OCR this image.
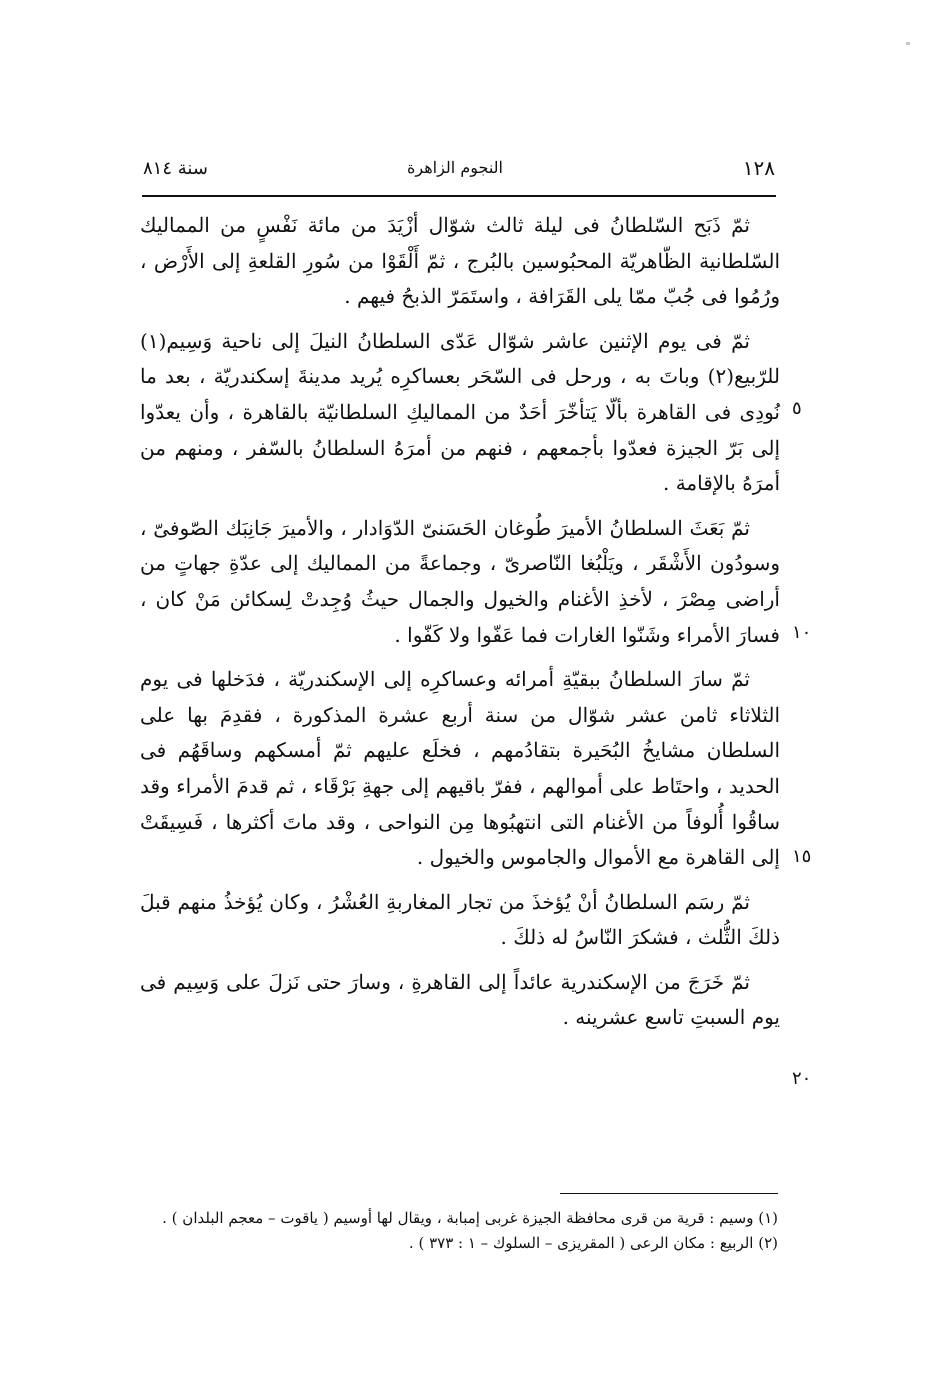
١٢٨
النجوم الزاهرة
سنة ٨١٤

ثمّ ذَبَح السّلطانُ فى ليلة ثالث شوّال أزْيَدَ من مائة نَفْسٍ من المماليك السّلطانية الظّاهريّة المحبُوسين بالبُرج ، ثمّ أَلْقَوْا من سُورِ القلعةِ إلى الأَرْض ، ورُمُوا فى جُبّ ممّا يلى القَرَافة ، واستَمَرّ الذبحُ فيهم .

ثمّ فى يوم الإثنين عاشر شوّال عَدّى السلطانُ النيلَ إلى ناحية وَسِيم(١) للرّبيع(٢) وباتَ به ، ورحل فى السّحَر بعساكرِه يُريد مدينةَ إسكندريّة ، بعد ما نُودِى فى القاهرة بألّا يَتأخّرَ أحَدٌ من المماليكِ السلطانيّة بالقاهرة ، وأن يعدّوا إلى بَرّ الجيزة فعدّوا بأجمعهم ، فنهم من أمرَهُ السلطانُ بالسّفر ، ومنهم من أمرَهُ بالإقامة .

ثمّ بَعَثَ السلطانُ الأميرَ طُوغان الحَسَنىّ الدّوَادار ، والأميرَ جَانِبَك الصّوفىّ ، وسودُون الأَشْقَر ، ويَلْبُغا النّاصرىّ ، وجماعةً من المماليك إلى عدّةِ جهاتٍ من أراضى مِصْرَ ، لأخذِ الأغنام والخيول والجمال حيثُ وُجِدتْ لِسكائن مَنْ كان ، فسارَ الأمراء وشَنّوا الغارات فما عَفّوا ولا كَفّوا .

ثمّ سارَ السلطانُ ببقيّةِ أمرائه وعساكرِه إلى الإسكندريّة ، فدَخلها فى يوم الثلاثاء ثامن عشر شوّال من سنة أربع عشرة المذكورة ، فقدِمَ بها على السلطان مشايخُ البُحَيرة بتقادُمهم ، فخلَع عليهم ثمّ أمسكهم وساقَهُم فى الحديد ، واحتَاط على أموالهم ، ففرّ باقيهم إلى جهةِ بَرْقَاء ، ثم قدمَ الأمراء وقد ساقُوا أُلوفاً من الأغنام التى انتهبُوها مِن النواحى ، وقد ماتَ أكثرها ، فَسِيقَتْ إلى القاهرة مع الأموال والجاموس والخيول .

ثمّ رسَم السلطانُ أنْ يُؤخذَ من تجار المغاربةِ العُشْرُ ، وكان يُؤخذُ منهم قبلَ ذلكَ الثُّلث ، فشكرَ النّاسُ له ذلكَ .

ثمّ خَرَجَ من الإسكندرية عائداً إلى القاهرةِ ، وسارَ حتى نَزلَ على وَسِيم فى يوم السبتِ تاسع عشرينه .

٥
١٠
١٥
٢٠

(١) وسيم : قرية من قرى محافظة الجيزة غربى إمبابة ، ويقال لها أوسيم ( ياقوت – معجم البلدان ) .

(٢) الربيع : مكان الرعى ( المقريزى – السلوك – ١ : ٣٧٣ ) .
